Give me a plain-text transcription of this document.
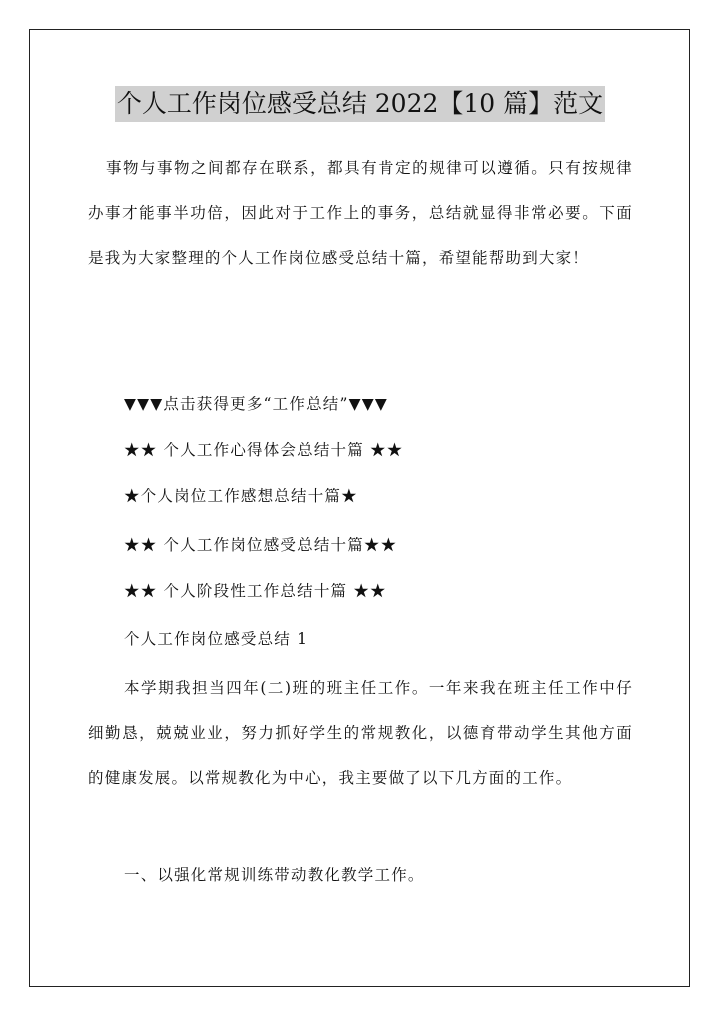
个人工作岗位感受总结 2022【10 篇】范文

事物与事物之间都存在联系，都具有肯定的规律可以遵循。只有按规律办事才能事半功倍，因此对于工作上的事务，总结就显得非常必要。下面是我为大家整理的个人工作岗位感受总结十篇，希望能帮助到大家！

▼▼▼点击获得更多“工作总结”▼▼▼
★★ 个人工作心得体会总结十篇 ★★
★个人岗位工作感想总结十篇★
★★ 个人工作岗位感受总结十篇★★
★★ 个人阶段性工作总结十篇 ★★
个人工作岗位感受总结 1

本学期我担当四年(二)班的班主任工作。一年来我在班主任工作中仔细勤恳，兢兢业业，努力抓好学生的常规教化，以德育带动学生其他方面的健康发展。以常规教化为中心，我主要做了以下几方面的工作。

一、以强化常规训练带动教化教学工作。
